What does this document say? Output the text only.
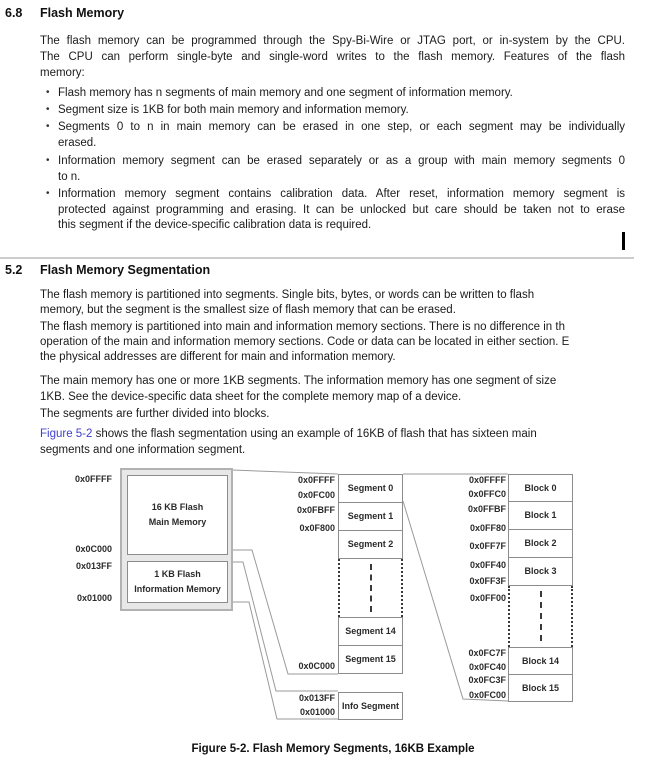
6.8 Flash Memory
The flash memory can be programmed through the Spy-Bi-Wire or JTAG port, or in-system by the CPU.
The CPU can perform single-byte and single-word writes to the flash memory. Features of the flash
memory:
• Flash memory has n segments of main memory and one segment of information memory.
• Segment size is 1KB for both main memory and information memory.
• Segments 0 to n in main memory can be erased in one step, or each segment may be individually
erased.
• Information memory segment can be erased separately or as a group with main memory segments 0
to n.
• Information memory segment contains calibration data. After reset, information memory segment is
protected against programming and erasing. It can be unlocked but care should be taken not to erase
this segment if the device-specific calibration data is required.
5.2 Flash Memory Segmentation
The flash memory is partitioned into segments. Single bits, bytes, or words can be written to flash
memory, but the segment is the smallest size of flash memory that can be erased.
The flash memory is partitioned into main and information memory sections. There is no difference in th
operation of the main and information memory sections. Code or data can be located in either section. E
the physical addresses are different for main and information memory.
The main memory has one or more 1KB segments. The information memory has one segment of size
1KB. See the device-specific data sheet for the complete memory map of a device.
The segments are further divided into blocks.
Figure 5-2 shows the flash segmentation using an example of 16KB of flash that has sixteen main
segments and one information segment.
16 KB Flash
Main Memory
1 KB Flash
Information Memory
0x0FFFF
0x0C000
0x013FF
0x01000
Segment 0
Segment 1
Segment 2
Segment 14
Segment 15
Info Segment
0x0FFFF
0x0FC00
0x0FBFF
0x0F800
0x0C000
0x013FF
0x01000
Block 0
Block 1
Block 2
Block 3
Block 14
Block 15
0x0FFFF
0x0FFC0
0x0FFBF
0x0FF80
0x0FF7F
0x0FF40
0x0FF3F
0x0FF00
0x0FC7F
0x0FC40
0x0FC3F
0x0FC00
Figure 5-2. Flash Memory Segments, 16KB Example
